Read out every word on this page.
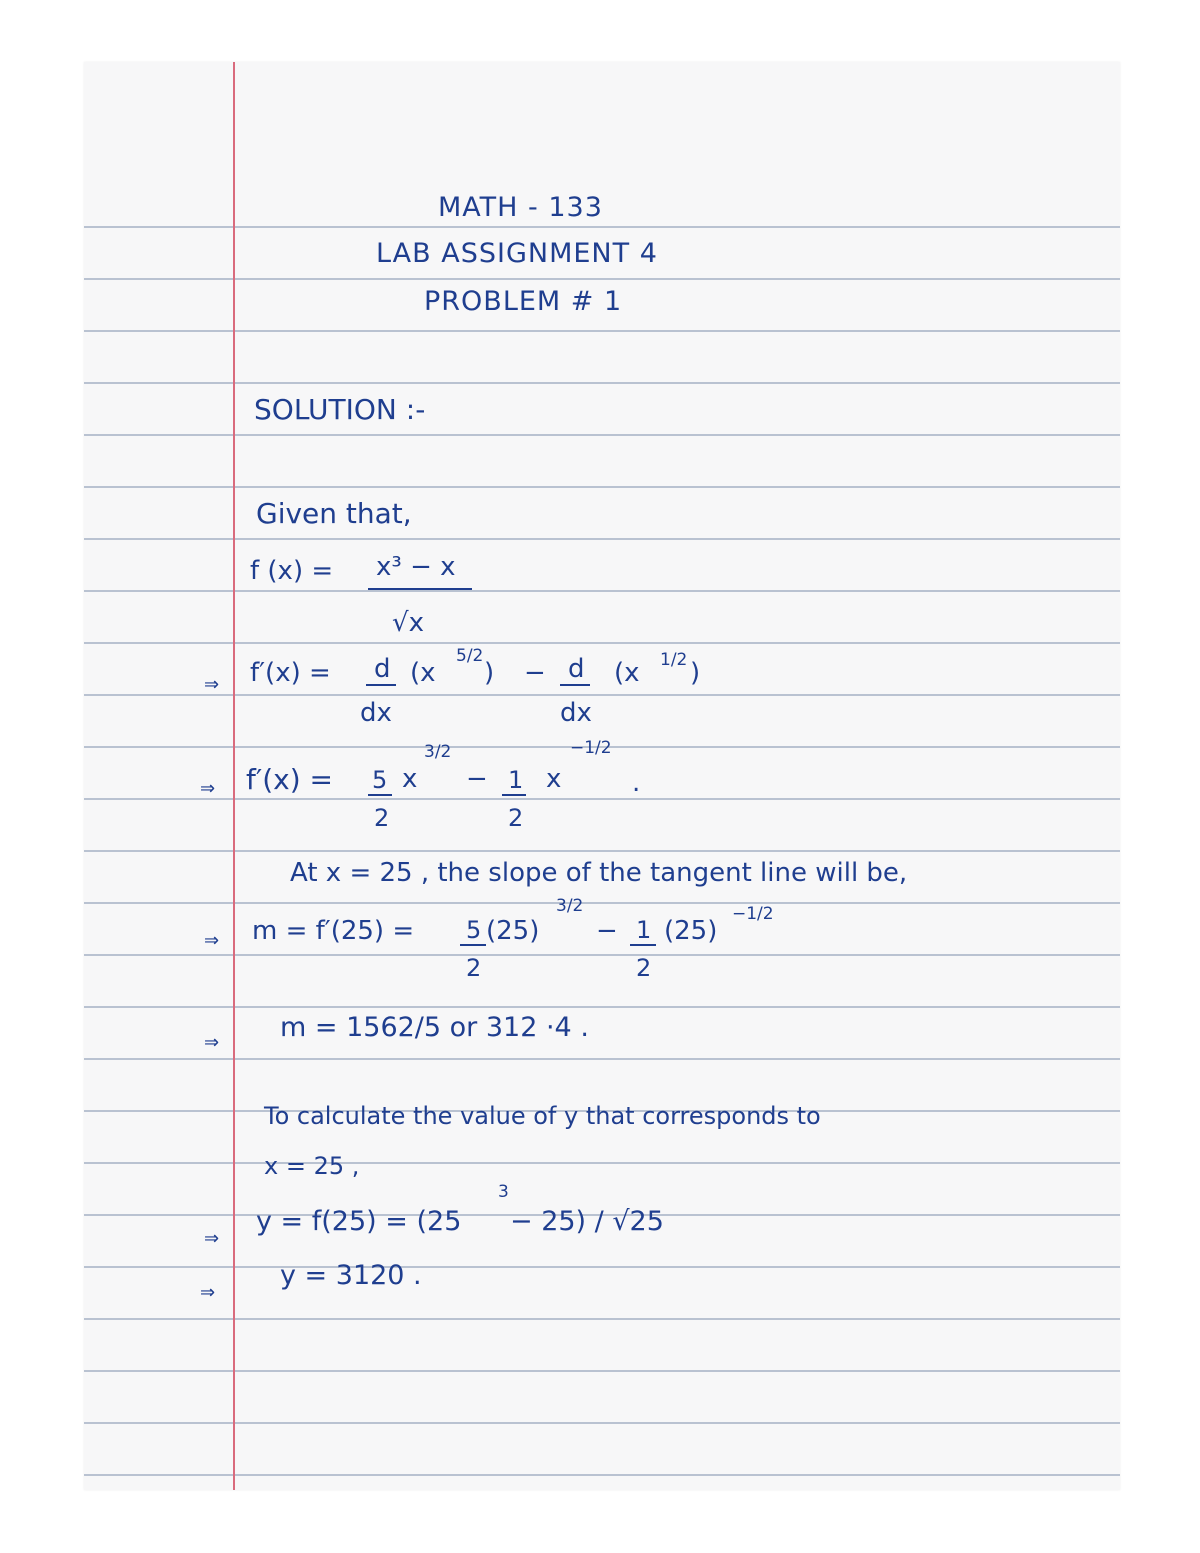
MATH - 133
LAB ASSIGNMENT 4
PROBLEM # 1
SOLUTION :-
Given that,
f (x) = x³ − x
√x
⇒ f′(x) = d
dx
(x
5/2
) − d
dx
(x 1/2 )
⇒ f′(x) = 5
2
x
3/2
− 1
2
x
−1/2
.
At x = 25 , the slope of the tangent line will be,
⇒ m = f′(25) = 5
2
(25)
3/2
− 1
2
(25)
−1/2
⇒ m = 1562/5 or 312 ·4 .
To calculate the value of y that corresponds to
x = 25 ,
⇒
y = f(25) = (25
3
− 25) / √25
⇒
y = 3120 .
